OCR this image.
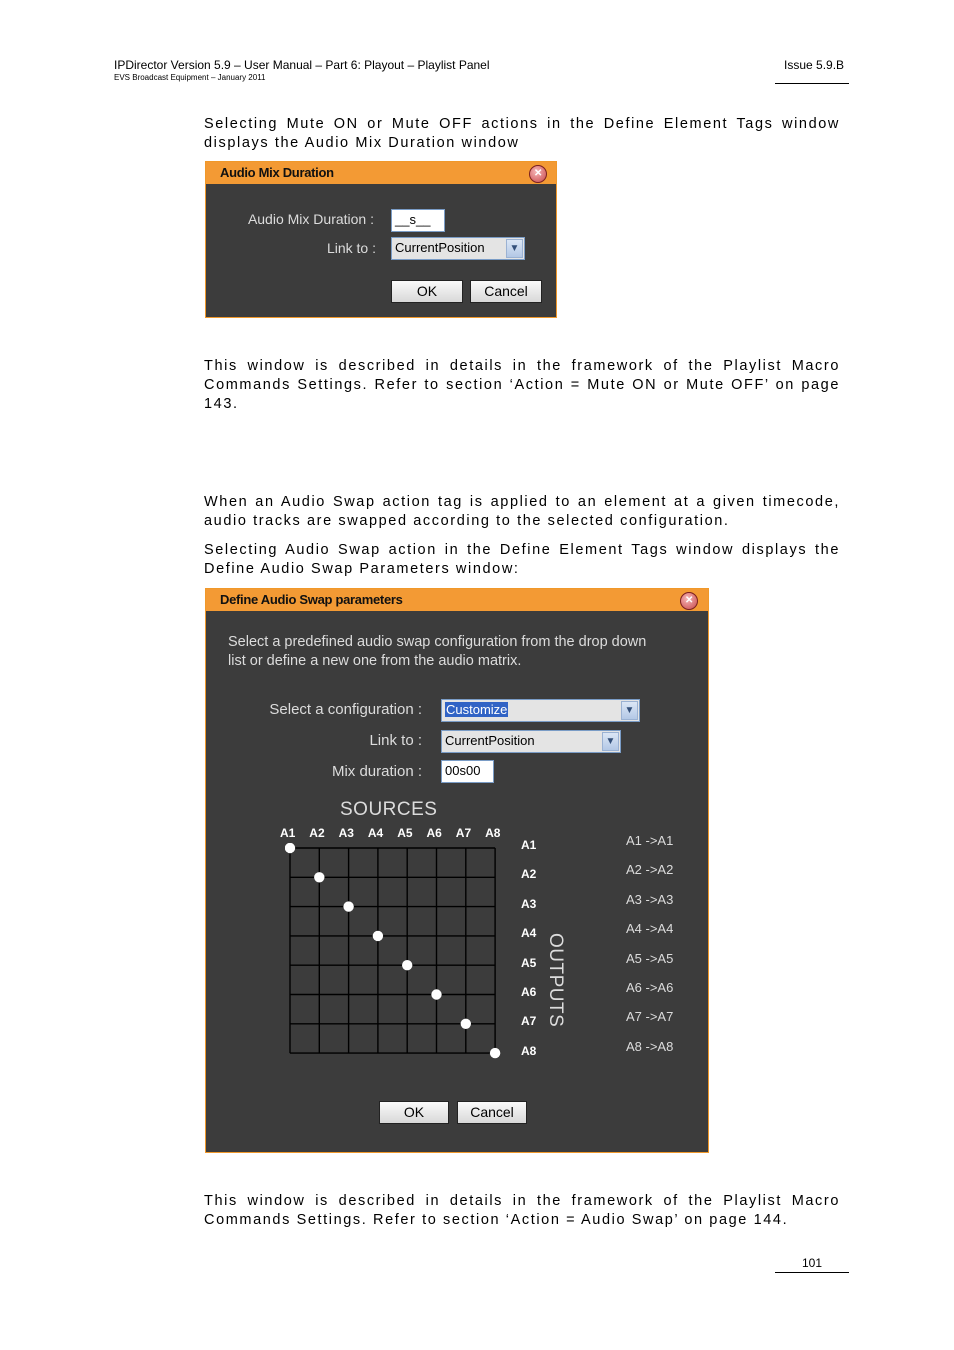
IPDirector Version 5.9 – User Manual – Part 6: Playout – Playlist Panel
EVS Broadcast Equipment – January 2011
Issue 5.9.B
Selecting Mute ON or Mute OFF actions in the Define Element Tags window displays the Audio Mix Duration window
Audio Mix Duration	✕
Audio Mix Duration :	__s__
Link to : CurrentPosition	▼
OK	Cancel
This window is described in details in the framework of the Playlist Macro Commands Settings. Refer to section ‘Action = Mute ON or Mute OFF’ on page 143.
When an Audio Swap action tag is applied to an element at a given timecode, audio tracks are swapped according to the selected configuration.
Selecting Audio Swap action in the Define Element Tags window displays the Define Audio Swap Parameters window:
Define Audio Swap parameters	✕
Select a predefined audio swap configuration from the drop down list or define a new one from the audio matrix.
Select a configuration : Customize	▼
Link to : CurrentPosition	▼
Mix duration :	00s00
SOURCES
A1 A2 A3 A4 A5 A6 A7 A8
A1
A2
A3
A4
A5
A6
A7
A8
OUTPUTS
A1 ->A1
A2 ->A2
A3 ->A3
A4 ->A4
A5 ->A5
A6 ->A6
A7 ->A7
A8 ->A8
OK	Cancel
This window is described in details in the framework of the Playlist Macro Commands Settings. Refer to section ‘Action = Audio Swap’ on page 144.
101
